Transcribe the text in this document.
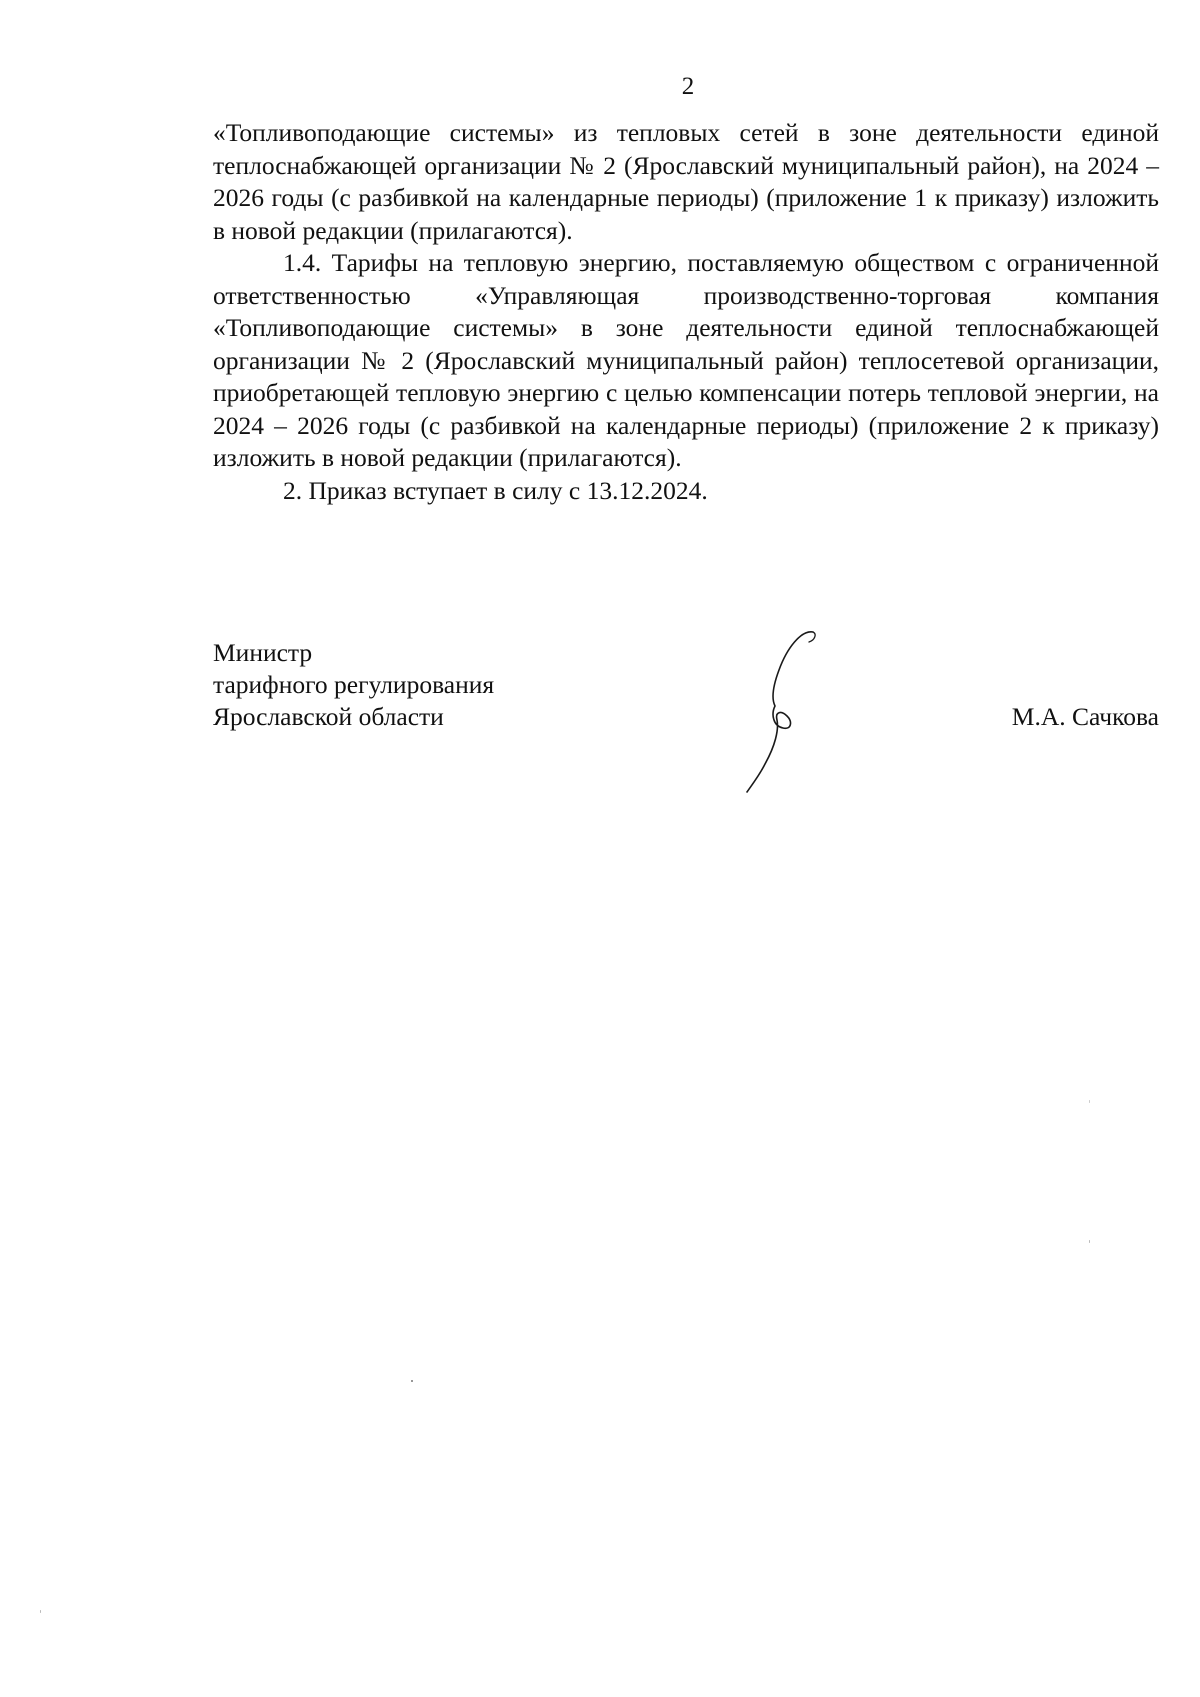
2

«Топливоподающие системы» из тепловых сетей в зоне деятельности единой теплоснабжающей организации № 2 (Ярославский муниципальный район), на 2024 – 2026 годы (с разбивкой на календарные периоды) (приложение 1 к приказу) изложить в новой редакции (прилагаются).

1.4. Тарифы на тепловую энергию, поставляемую обществом с ограниченной ответственностью «Управляющая производственно-торговая компания «Топливоподающие системы» в зоне деятельности единой теплоснабжающей организации № 2 (Ярославский муниципальный район) теплосетевой организации, приобретающей тепловую энергию с целью компенсации потерь тепловой энергии, на 2024 – 2026 годы (с разбивкой на календарные периоды) (приложение 2 к приказу) изложить в новой редакции (прилагаются).

2. Приказ вступает в силу с 13.12.2024.

Министр
тарифного регулирования
Ярославской области	М.А. Сачкова
